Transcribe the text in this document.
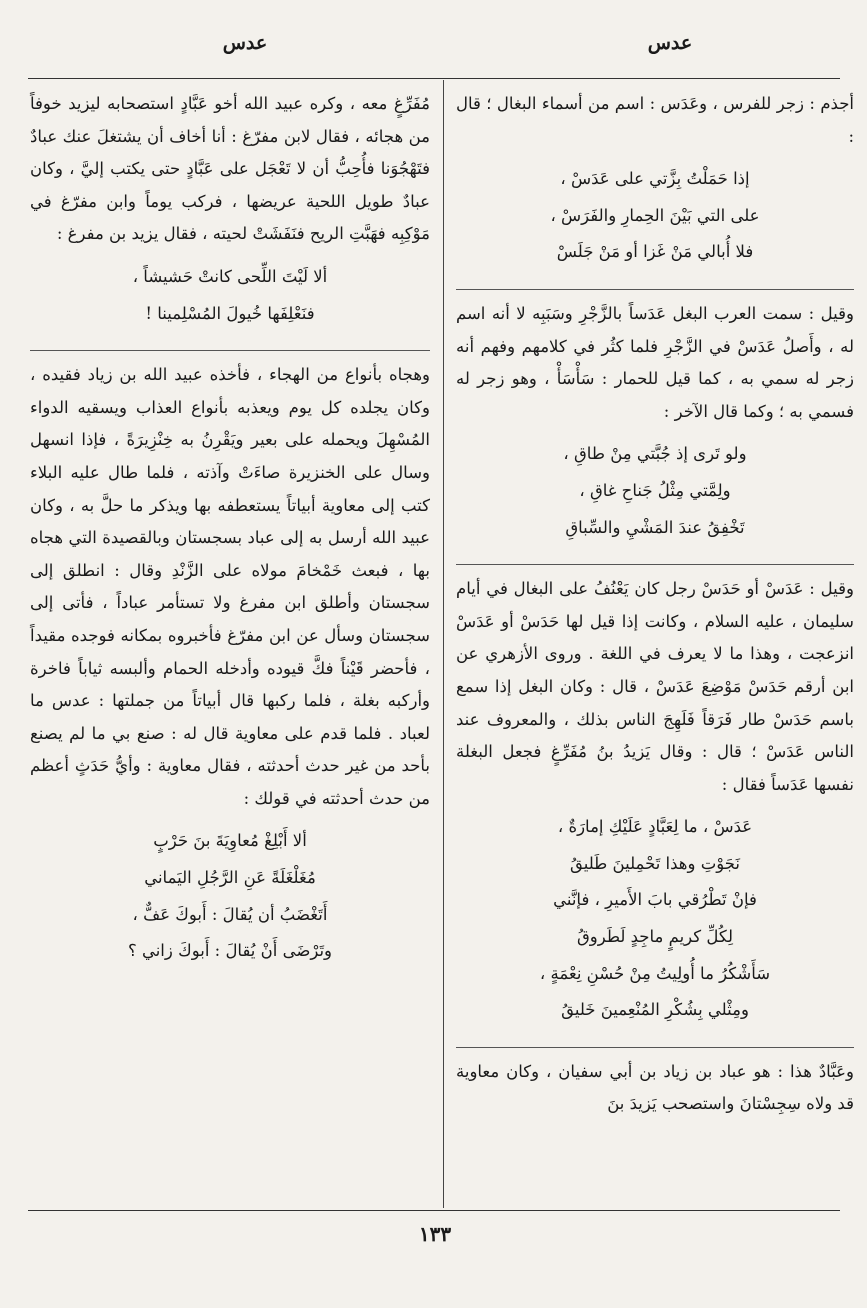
عدس
عدس

أجذم : زجر للفرس ، وعَدَس : اسم من أسماء البغال ؛ قال :

إذا حَمَلْتُ بِزَّتي على عَدَسْ ،

على التي بَيْنَ الحِمارِ والفَرَسْ ،

فلا أُبالي مَنْ غَزا أو مَنْ جَلَسْ

وقيل : سمت العرب البغل عَدَساً بالزَّجْرِ وسَبَبِه لا أنه اسم له ، وأَصلُ عَدَسْ في الزَّجْرِ فلما كثُر في كلامهم وفهم أنه زجر له سمي به ، كما قيل للحمار : سَأْسَأْ ، وهو زجر له فسمي به ؛ وكما قال الآخر :

ولو تَرى إذ جُبَّتي مِنْ طاقِ ،

ولِمَّتي مِثْلُ جَناحِ غاقِ ،

تَخْفِقُ عندَ المَشْيِ والسِّباقِ

وقيل : عَدَسْ أو حَدَسْ رجل كان يَعْنُفُ على البغال في أيام سليمان ، عليه السلام ، وكانت إذا قيل لها حَدَسْ أو عَدَسْ انزعجت ، وهذا ما لا يعرف في اللغة . وروى الأزهري عن ابن أرقم حَدَسْ مَوْضِعَ عَدَسْ ، قال : وكان البغل إذا سمع باسم حَدَسْ طار فَرَقاً فَلَهِجَ الناس بذلك ، والمعروف عند الناس عَدَسْ ؛ قال : وقال يَزيدُ بنُ مُفَرِّغٍ فجعل البغلة نفسها عَدَساً فقال :

عَدَسْ ، ما لِعَبَّادٍ عَلَيْكِ إمارَةٌ ،

نَجَوْتِ وهذا تَحْمِلينَ طَليقُ

فإنْ تَطْرُقي بابَ الأَميرِ ، فإنَّني

لِكُلِّ كريمٍ ماجِدٍ لَطَروقُ

سَأَشْكُرُ ما أُولِيتُ مِنْ حُسْنِ نِعْمَةٍ ،

ومِثْلي بِشُكْرِ المُنْعِمينَ خَليقُ

وعَبَّادٌ هذا : هو عباد بن زياد بن أبي سفيان ، وكان معاوية قد ولاه سِجِسْتانَ واستصحب يَزيدَ بنَ

مُفَرِّغٍ معه ، وكره عبيد الله أخو عَبَّادٍ استصحابه ليزيد خوفاً من هجائه ، فقال لابن مفرّغ : أنا أخاف أن يشتغلَ عنك عبادٌ فتَهْجُوَنا فأُحِبُّ أن لا تَعْجَل على عَبَّادٍ حتى يكتب إليَّ ، وكان عبادٌ طويل اللحية عريضها ، فركب يوماً وابن مفرّغ في مَوْكِبِه فهَبَّتِ الريح فنَفَشَتْ لحيته ، فقال يزيد بن مفرغ :

ألا لَيْتَ اللِّحى كانتْ حَشيشاً ،

فنَعْلِفَها خُيولَ المُسْلِمينا !

وهجاه بأنواع من الهجاء ، فأخذه عبيد الله بن زياد فقيده ، وكان يجلده كل يوم ويعذبه بأنواع العذاب ويسقيه الدواء المُسْهِلَ ويحمله على بعير ويَقْرِنُ به خِنْزِيرَةً ، فإذا انسهل وسال على الخنزيرة صاءَتْ وآذته ، فلما طال عليه البلاء كتب إلى معاوية أبياتاً يستعطفه بها ويذكر ما حلَّ به ، وكان عبيد الله أرسل به إلى عباد بسجستان وبالقصيدة التي هجاه بها ، فبعث خَمْخامَ مولاه على الزَّنْدِ وقال : انطلق إلى سجستان وأطلق ابن مفرغ ولا تستأمر عباداً ، فأتى إلى سجستان وسأل عن ابن مفرّغ فأخبروه بمكانه فوجده مقيداً ، فأحضر قَيْناً فكَّ قيوده وأدخله الحمام وألبسه ثياباً فاخرة وأركبه بغلة ، فلما ركبها قال أبياتاً من جملتها : عدس ما لعباد . فلما قدم على معاوية قال له : صنع بي ما لم يصنع بأحد من غير حدث أحدثته ، فقال معاوية : وأيُّ حَدَثٍ أعظم من حدث أحدثته في قولك :

ألا أَبْلِغْ مُعاوِيَةَ بنَ حَرْبٍ

مُغَلْغَلَةً عَنِ الرَّجُلِ اليَماني

أَتَغْضَبُ أن يُقالَ : أَبوكَ عَفٌّ ،

وتَرْضَى أَنْ يُقالَ : أَبوكَ زاني ؟

١٣٣
